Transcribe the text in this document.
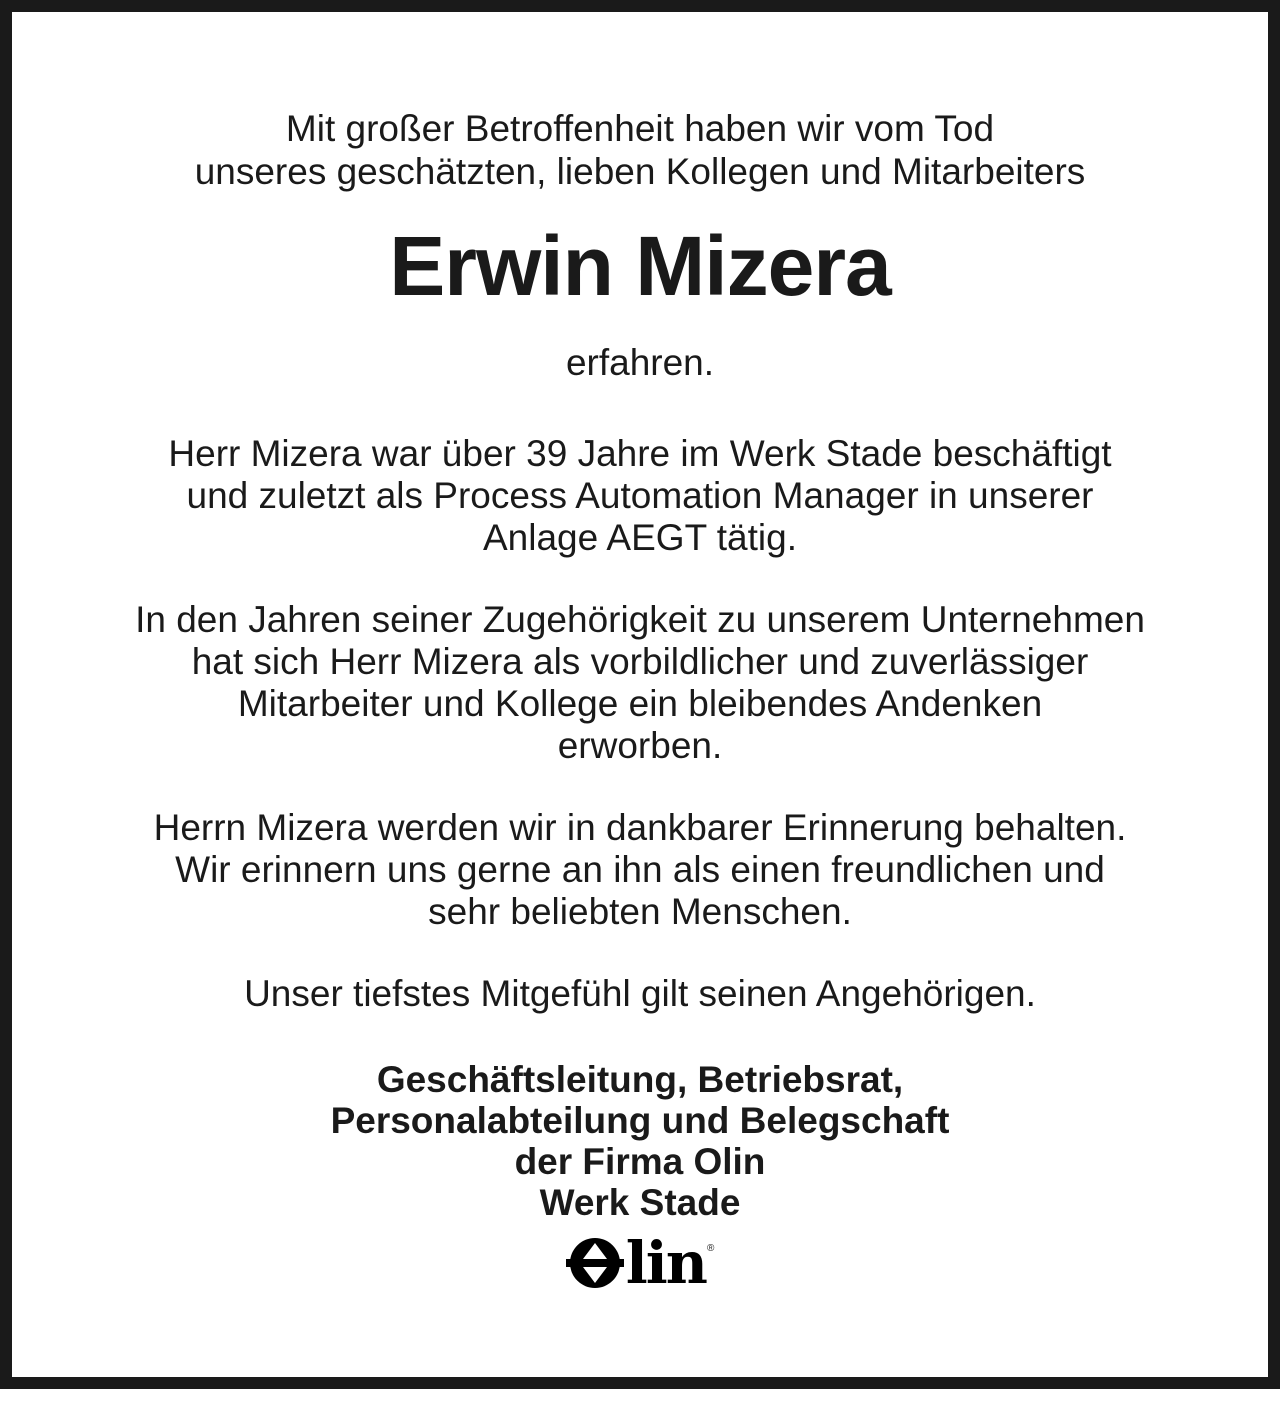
Mit großer Betroffenheit haben wir vom Tod
unseres geschätzten, lieben Kollegen und Mitarbeiters
Erwin Mizera
erfahren.
Herr Mizera war über 39 Jahre im Werk Stade beschäftigt
und zuletzt als Process Automation Manager in unserer
Anlage AEGT tätig.
In den Jahren seiner Zugehörigkeit zu unserem Unternehmen
hat sich Herr Mizera als vorbildlicher und zuverlässiger
Mitarbeiter und Kollege ein bleibendes Andenken
erworben.
Herrn Mizera werden wir in dankbarer Erinnerung behalten.
Wir erinnern uns gerne an ihn als einen freundlichen und
sehr beliebten Menschen.
Unser tiefstes Mitgefühl gilt seinen Angehörigen.
Geschäftsleitung, Betriebsrat,
Personalabteilung und Belegschaft
der Firma Olin
Werk Stade
lin ®
